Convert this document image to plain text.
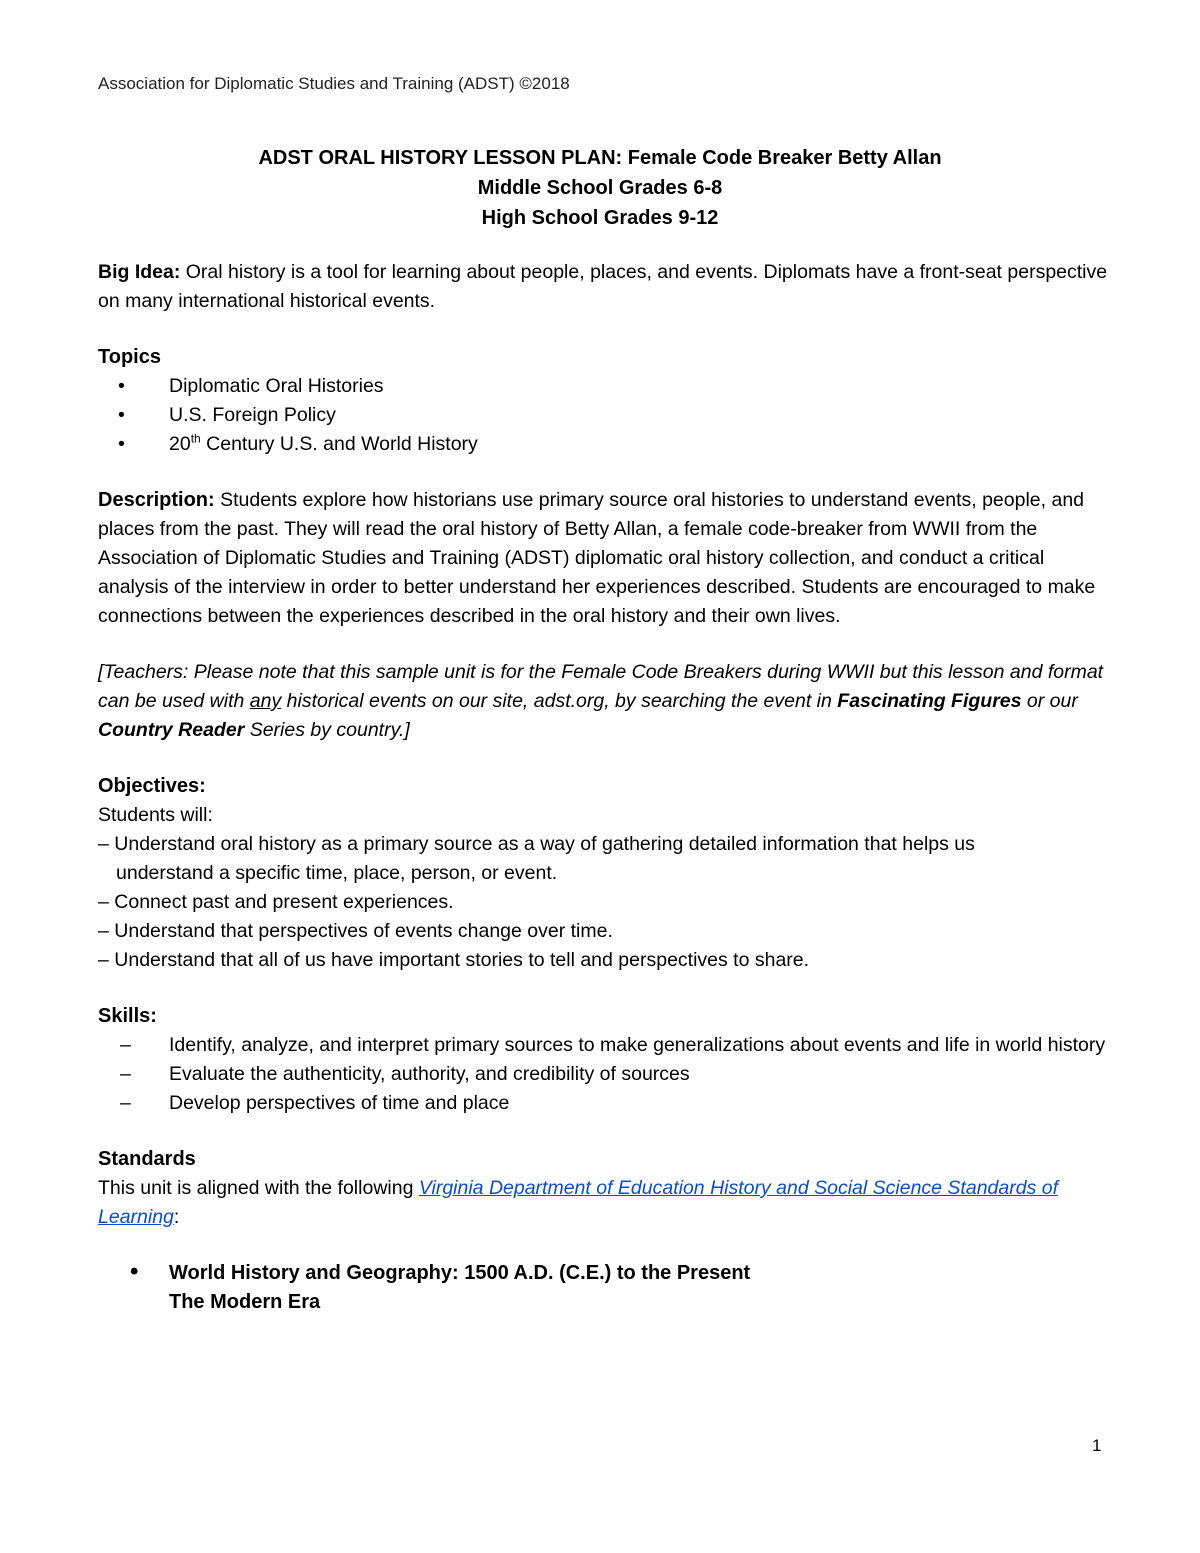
Association for Diplomatic Studies and Training (ADST) ©2018
ADST ORAL HISTORY LESSON PLAN: Female Code Breaker Betty Allan
Middle School Grades 6-8
High School Grades 9-12

Big Idea: Oral history is a tool for learning about people, places, and events. Diplomats have a front-seat perspective on many international historical events.

Topics
• Diplomatic Oral Histories
• U.S. Foreign Policy
• 20th Century U.S. and World History

Description: Students explore how historians use primary source oral histories to understand events, people, and places from the past. They will read the oral history of Betty Allan, a female code-breaker from WWII from the Association of Diplomatic Studies and Training (ADST) diplomatic oral history collection, and conduct a critical analysis of the interview in order to better understand her experiences described. Students are encouraged to make connections between the experiences described in the oral history and their own lives.

[Teachers: Please note that this sample unit is for the Female Code Breakers during WWII but this lesson and format can be used with any historical events on our site, adst.org, by searching the event in Fascinating Figures or our Country Reader Series by country.]

Objectives:
Students will:
– Understand oral history as a primary source as a way of gathering detailed information that helps us understand a specific time, place, person, or event.
– Connect past and present experiences.
– Understand that perspectives of events change over time.
– Understand that all of us have important stories to tell and perspectives to share.
Skills:
– Identify, analyze, and interpret primary sources to make generalizations about events and life in world history
– Evaluate the authenticity, authority, and credibility of sources
– Develop perspectives of time and place
Standards

This unit is aligned with the following Virginia Department of Education History and Social Science Standards of Learning:

• World History and Geography: 1500 A.D. (C.E.) to the Present
The Modern Era
1
